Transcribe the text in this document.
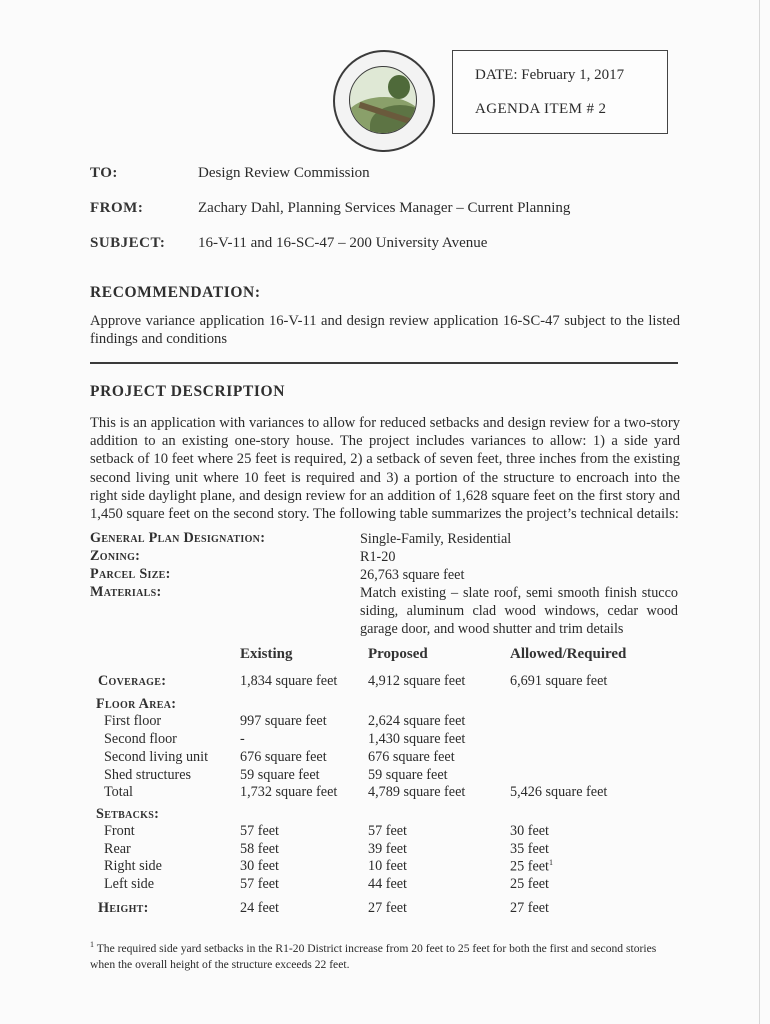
DATE: February 1, 2017
AGENDA ITEM # 2
TO:	Design Review Commission
FROM:	Zachary Dahl, Planning Services Manager – Current Planning
SUBJECT: 16-V-11 and 16-SC-47 – 200 University Avenue
RECOMMENDATION:
Approve variance application 16-V-11 and design review application 16-SC-47 subject to the listed findings and conditions
PROJECT DESCRIPTION
This is an application with variances to allow for reduced setbacks and design review for a two-story addition to an existing one-story house. The project includes variances to allow: 1) a side yard setback of 10 feet where 25 feet is required, 2) a setback of seven feet, three inches from the existing second living unit where 10 feet is required and 3) a portion of the structure to encroach into the right side daylight plane, and design review for an addition of 1,628 square feet on the first story and 1,450 square feet on the second story. The following table summarizes the project’s technical details:
General Plan Designation:	Single-Family, Residential
Zoning:	R1-20
Parcel Size:	26,763 square feet
Materials:	Match existing – slate roof, semi smooth finish stucco siding, aluminum clad wood windows, cedar wood garage door, and wood shutter and trim details
Existing	Proposed	Allowed/Required
Coverage:	1,834 square feet 4,912 square feet	6,691 square feet
Floor Area:
First floor	997 square feet	2,624 square feet
Second floor	-	1,430 square feet
Second living unit 676 square feet	676 square feet
Shed structures	59 square feet	59 square feet
Total	1,732 square feet 4,789 square feet	5,426 square feet
Setbacks:
Front	57 feet	57 feet	30 feet
Rear	58 feet	39 feet	35 feet
Right side	30 feet	10 feet	25 feet$^1$
Left side	57 feet	44 feet	25 feet
Height:	24 feet	27 feet	27 feet
$^1$ The required side yard setbacks in the R1-20 District increase from 20 feet to 25 feet for both the first and second stories when the overall height of the structure exceeds 22 feet.
